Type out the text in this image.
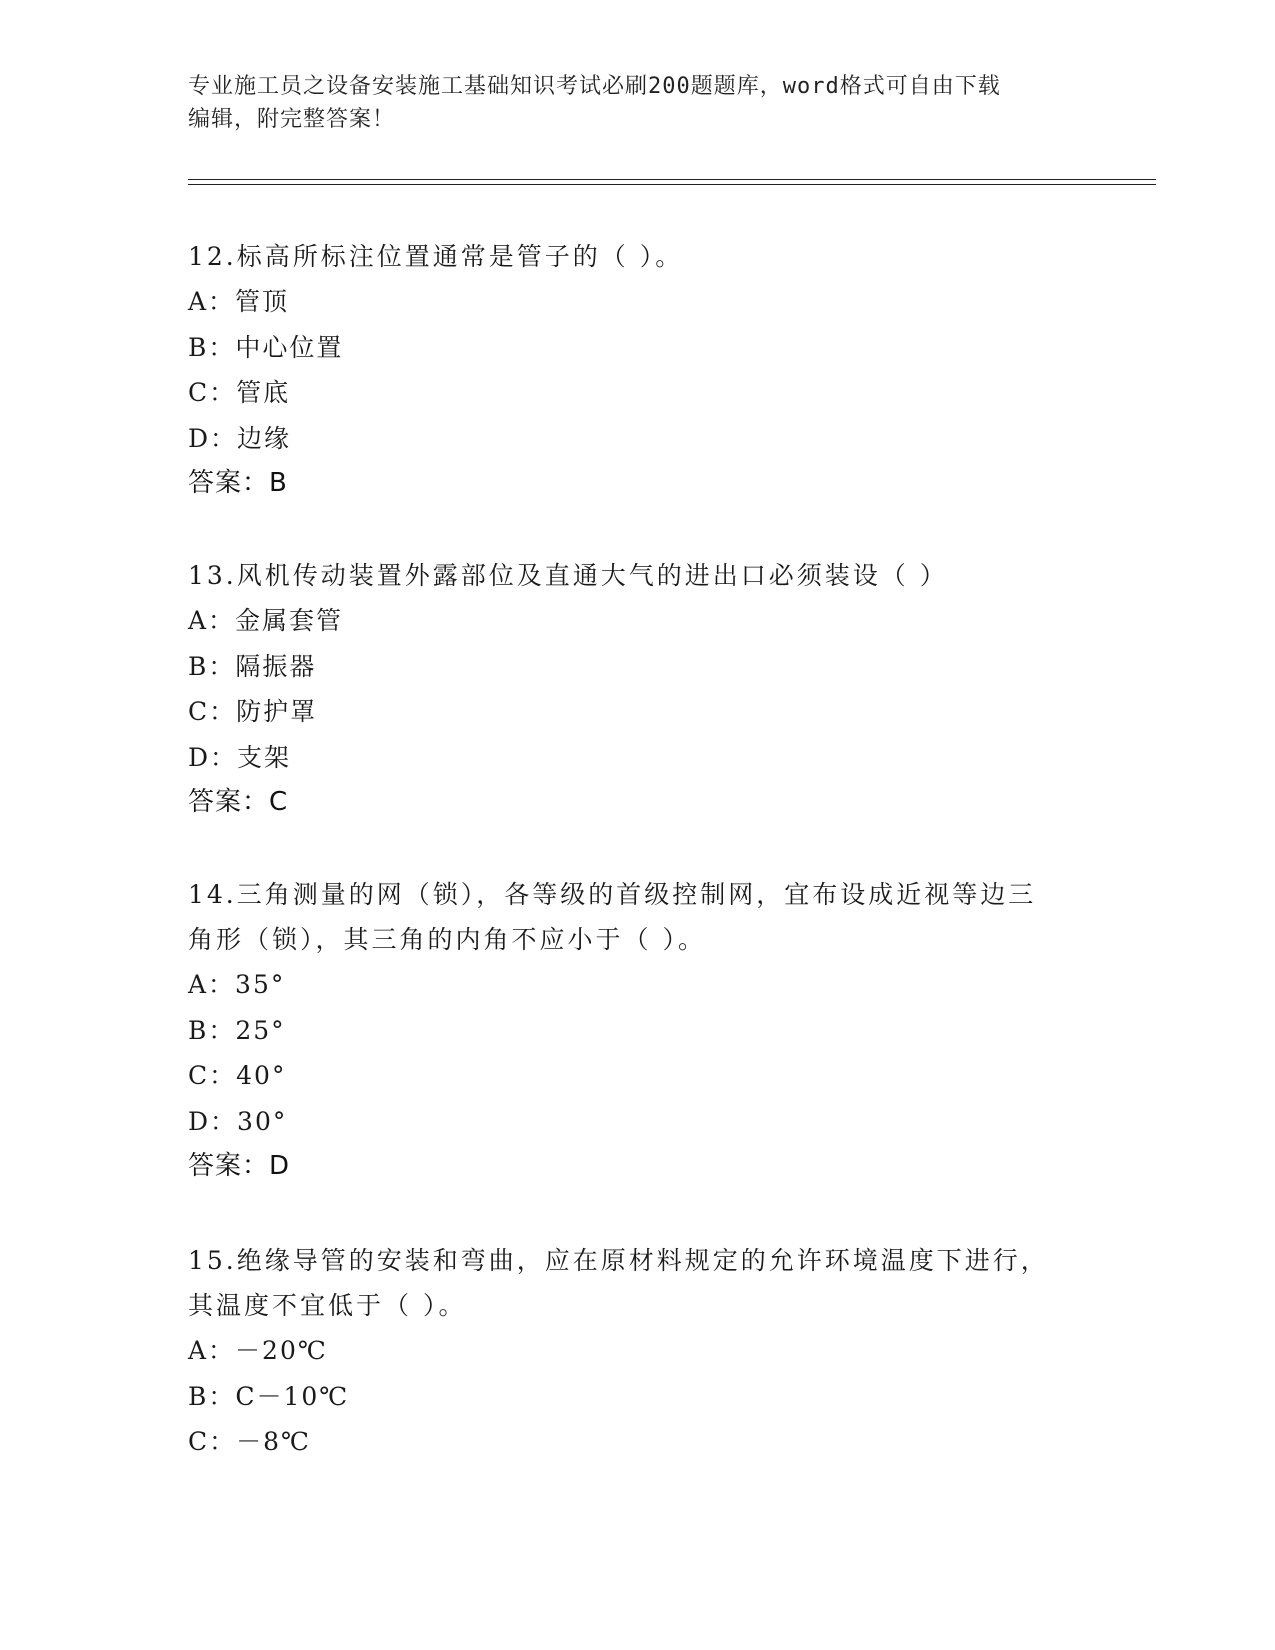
专业施工员之设备安装施工基础知识考试必刷200题题库，word格式可自由下载
编辑，附完整答案！
12.标高所标注位置通常是管子的（ ）。
A：管顶
B：中心位置
C：管底
D：边缘
答案：B
13.风机传动装置外露部位及直通大气的进出口必须装设（ ）
A：金属套管
B：隔振器
C：防护罩
D：支架
答案：C
14.三角测量的网（锁），各等级的首级控制网，宜布设成近视等边三
角形（锁），其三角的内角不应小于（ ）。
A：35°
B：25°
C：40°
D：30°
答案：D
15.绝缘导管的安装和弯曲，应在原材料规定的允许环境温度下进行，
其温度不宜低于（ ）。
A：－20℃
B：C－10℃
C：－8℃
